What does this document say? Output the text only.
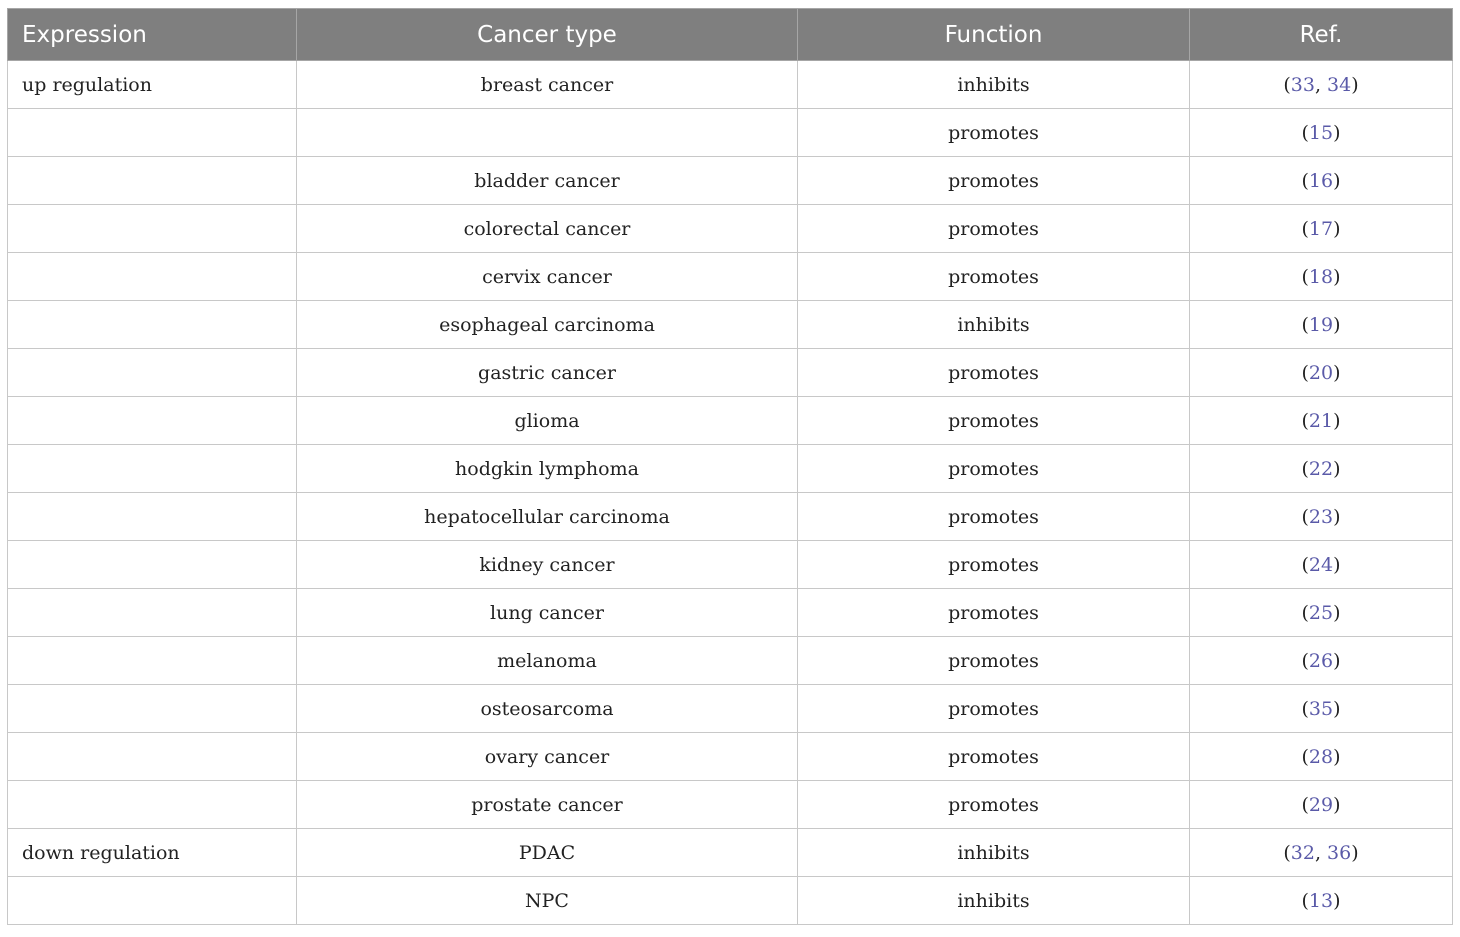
Expression	Cancer type	Function	Ref.
up regulation	breast cancer	inhibits	(33, 34)
		promotes	(15)
	bladder cancer	promotes	(16)
	colorectal cancer	promotes	(17)
	cervix cancer	promotes	(18)
	esophageal carcinoma	inhibits	(19)
	gastric cancer	promotes	(20)
	glioma	promotes	(21)
	hodgkin lymphoma	promotes	(22)
	hepatocellular carcinoma	promotes	(23)
	kidney cancer	promotes	(24)
	lung cancer	promotes	(25)
	melanoma	promotes	(26)
	osteosarcoma	promotes	(35)
	ovary cancer	promotes	(28)
	prostate cancer	promotes	(29)
down regulation	PDAC	inhibits	(32, 36)
	NPC	inhibits	(13)
